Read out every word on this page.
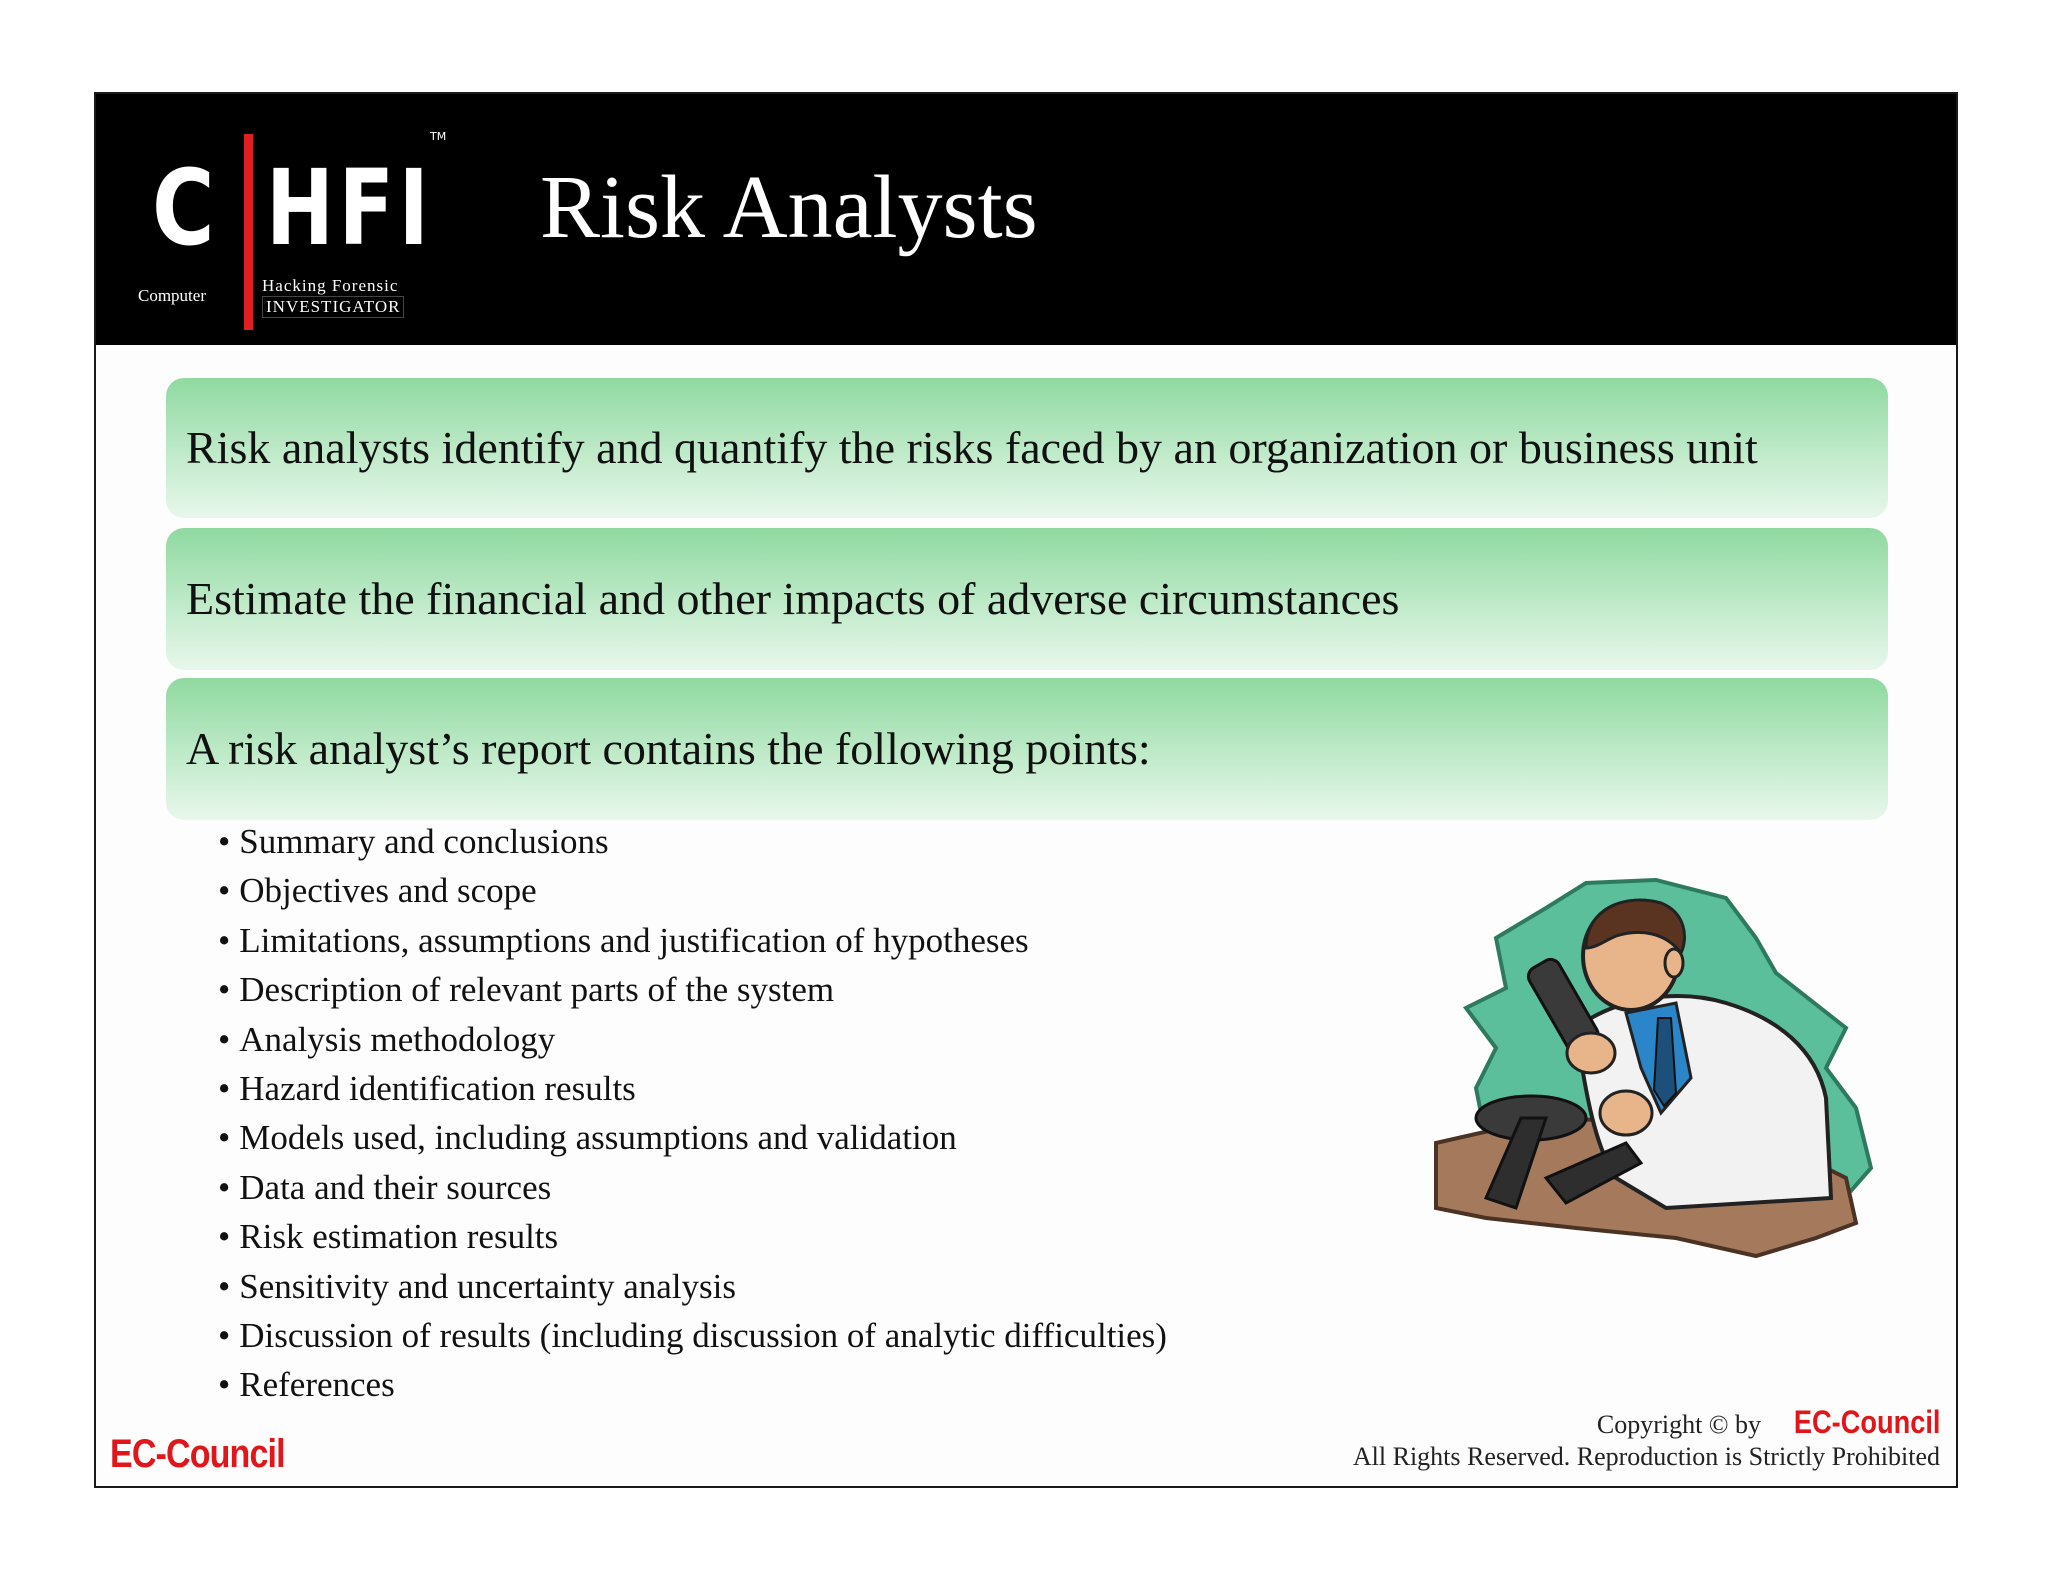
C HFI
TM
Computer
Hacking Forensic
INVESTIGATOR
Risk Analysts
Risk analysts identify and quantify the risks faced by an organization or business unit
Estimate the financial and other impacts of adverse circumstances
A risk analyst’s report contains the following points:
• Summary and conclusions
• Objectives and scope
• Limitations, assumptions and justification of hypotheses
• Description of relevant parts of the system
• Analysis methodology
• Hazard identification results
• Models used, including assumptions and validation
• Data and their sources
• Risk estimation results
• Sensitivity and uncertainty analysis
• Discussion of results (including discussion of analytic difficulties)
• References
EC-Council
Copyright © by EC-Council
All Rights Reserved. Reproduction is Strictly Prohibited
